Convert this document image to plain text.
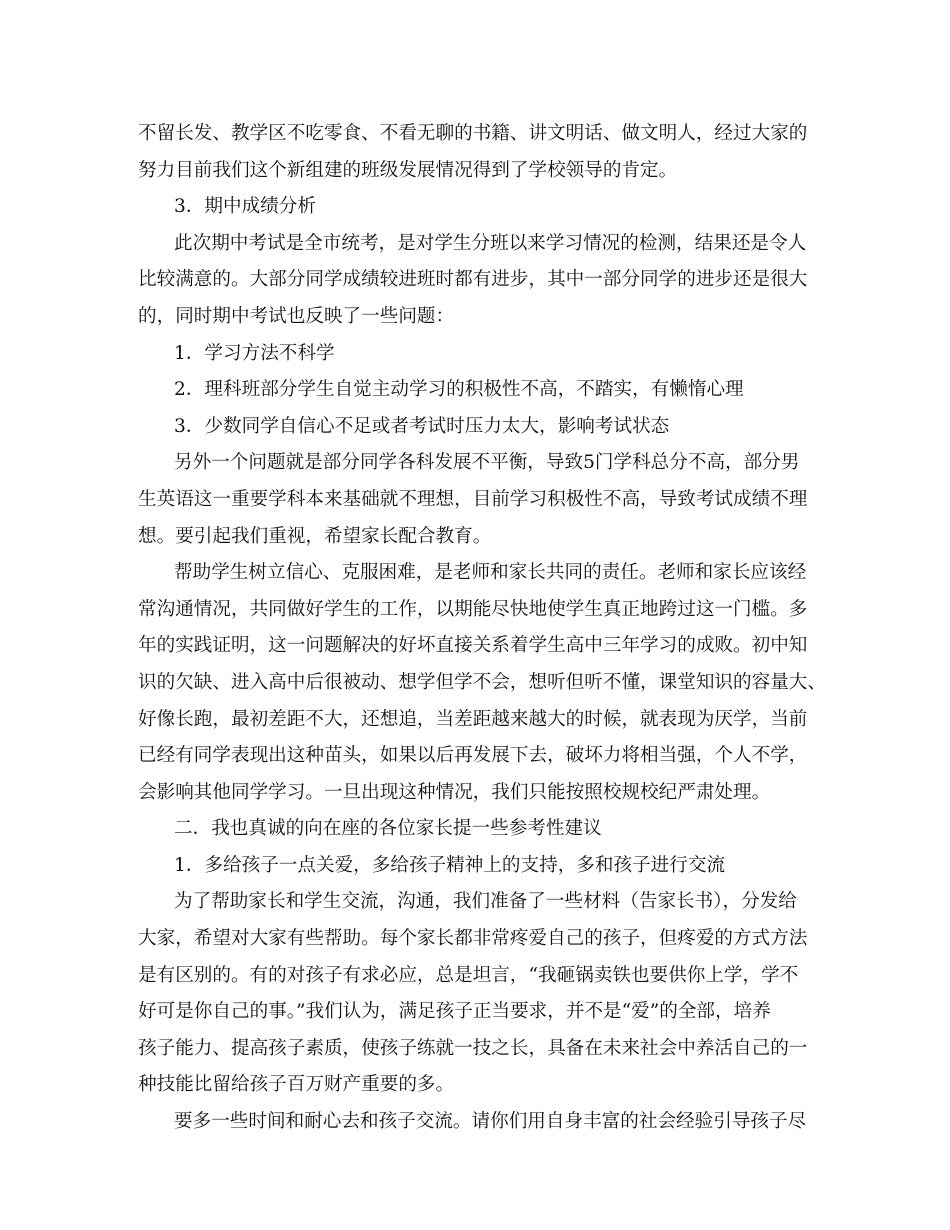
不留长发、教学区不吃零食、不看无聊的书籍、讲文明话、做文明人，经过大家的
努力目前我们这个新组建的班级发展情况得到了学校领导的肯定。
3．期中成绩分析
此次期中考试是全市统考，是对学生分班以来学习情况的检测，结果还是令人
比较满意的。大部分同学成绩较进班时都有进步，其中一部分同学的进步还是很大
的，同时期中考试也反映了一些问题：
1．学习方法不科学
2．理科班部分学生自觉主动学习的积极性不高，不踏实，有懒惰心理
3．少数同学自信心不足或者考试时压力太大，影响考试状态
另外一个问题就是部分同学各科发展不平衡，导致5门学科总分不高，部分男
生英语这一重要学科本来基础就不理想，目前学习积极性不高，导致考试成绩不理
想。要引起我们重视，希望家长配合教育。
帮助学生树立信心、克服困难，是老师和家长共同的责任。老师和家长应该经
常沟通情况，共同做好学生的工作，以期能尽快地使学生真正地跨过这一门槛。多
年的实践证明，这一问题解决的好坏直接关系着学生高中三年学习的成败。初中知
识的欠缺、进入高中后很被动、想学但学不会，想听但听不懂，课堂知识的容量大、
好像长跑，最初差距不大，还想追，当差距越来越大的时候，就表现为厌学，当前
已经有同学表现出这种苗头，如果以后再发展下去，破坏力将相当强，个人不学，
会影响其他同学学习。一旦出现这种情况，我们只能按照校规校纪严肃处理。
二．我也真诚的向在座的各位家长提一些参考性建议
1．多给孩子一点关爱，多给孩子精神上的支持，多和孩子进行交流
为了帮助家长和学生交流，沟通，我们准备了一些材料（告家长书），分发给
大家，希望对大家有些帮助。每个家长都非常疼爱自己的孩子，但疼爱的方式方法
是有区别的。有的对孩子有求必应，总是坦言，“我砸锅卖铁也要供你上学，学不
好可是你自己的事。”我们认为，满足孩子正当要求，并不是“爱”的全部，培养
孩子能力、提高孩子素质，使孩子练就一技之长，具备在未来社会中养活自己的一
种技能比留给孩子百万财产重要的多。
要多一些时间和耐心去和孩子交流。请你们用自身丰富的社会经验引导孩子尽
